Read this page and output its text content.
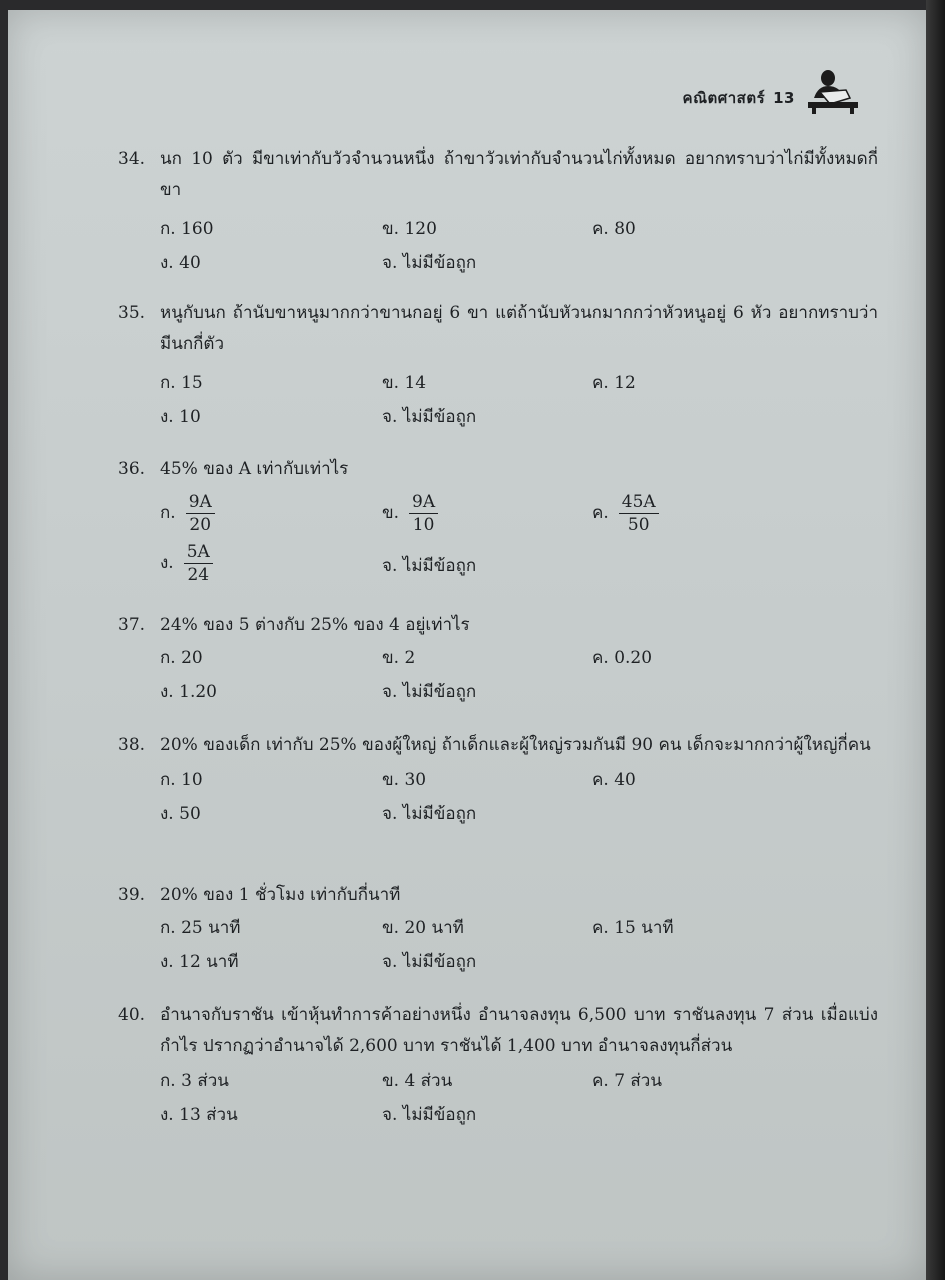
คณิตศาสตร์ 13
34. นก 10 ตัว มีขาเท่ากับวัวจำนวนหนึ่ง ถ้าขาวัวเท่ากับจำนวนไก่ทั้งหมด อยากทราบว่าไก่มีทั้งหมดกี่ขา
ก. 160	ข. 120	ค. 80
ง. 40	จ. ไม่มีข้อถูก
35. หนูกับนก ถ้านับขาหนูมากกว่าขานกอยู่ 6 ขา แต่ถ้านับหัวนกมากกว่าหัวหนูอยู่ 6 หัว อยากทราบว่ามีนกกี่ตัว
ก. 15	ข. 14	ค. 12
ง. 10	จ. ไม่มีข้อถูก
36. 45% ของ A เท่ากับเท่าไร
ก. $\frac{9A}{20}$	ข. $\frac{9A}{10}$	ค. $\frac{45A}{50}$
ง. $\frac{5A}{24}$	จ. ไม่มีข้อถูก
37. 24% ของ 5 ต่างกับ 25% ของ 4 อยู่เท่าไร
ก. 20	ข. 2	ค. 0.20
ง. 1.20	จ. ไม่มีข้อถูก
38. 20% ของเด็ก เท่ากับ 25% ของผู้ใหญ่ ถ้าเด็กและผู้ใหญ่รวมกันมี 90 คน เด็กจะมากกว่าผู้ใหญ่กี่คน
ก. 10	ข. 30	ค. 40
ง. 50	จ. ไม่มีข้อถูก
39. 20% ของ 1 ชั่วโมง เท่ากับกี่นาที
ก. 25 นาที	ข. 20 นาที	ค. 15 นาที
ง. 12 นาที	จ. ไม่มีข้อถูก
40. อำนาจกับราชัน เข้าหุ้นทำการค้าอย่างหนึ่ง อำนาจลงทุน 6,500 บาท ราชันลงทุน 7 ส่วน เมื่อแบ่งกำไร ปรากฏว่าอำนาจได้ 2,600 บาท ราชันได้ 1,400 บาท อำนาจลงทุนกี่ส่วน
ก. 3 ส่วน	ข. 4 ส่วน	ค. 7 ส่วน
ง. 13 ส่วน	จ. ไม่มีข้อถูก
